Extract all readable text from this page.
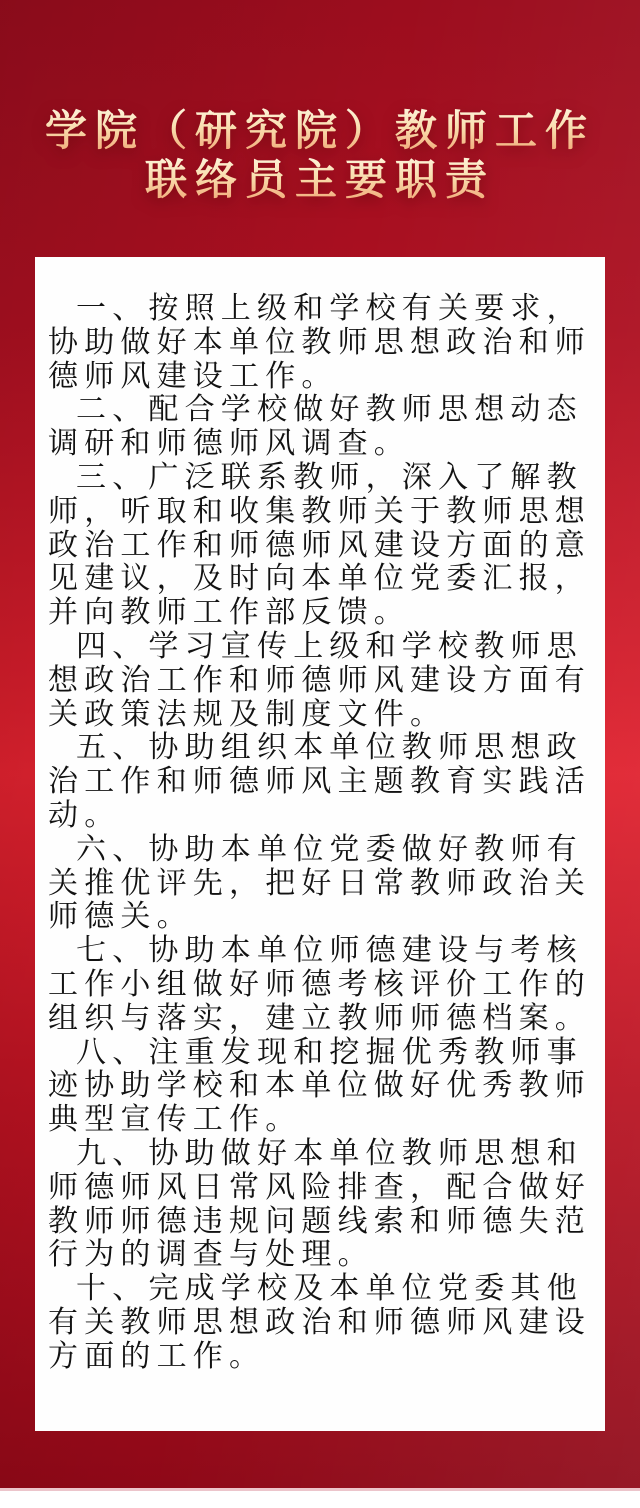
学院（研究院）教师工作
联络员主要职责
一、按照上级和学校有关要求，
协助做好本单位教师思想政治和师
德师风建设工作。
二、配合学校做好教师思想动态
调研和师德师风调查。
三、广泛联系教师，深入了解教
师，听取和收集教师关于教师思想
政治工作和师德师风建设方面的意
见建议，及时向本单位党委汇报，
并向教师工作部反馈。
四、学习宣传上级和学校教师思
想政治工作和师德师风建设方面有
关政策法规及制度文件。
五、协助组织本单位教师思想政
治工作和师德师风主题教育实践活
动。
六、协助本单位党委做好教师有
关推优评先，把好日常教师政治关
师德关。
七、协助本单位师德建设与考核
工作小组做好师德考核评价工作的
组织与落实，建立教师师德档案。
八、注重发现和挖掘优秀教师事
迹协助学校和本单位做好优秀教师
典型宣传工作。
九、协助做好本单位教师思想和
师德师风日常风险排查，配合做好
教师师德违规问题线索和师德失范
行为的调查与处理。
十、完成学校及本单位党委其他
有关教师思想政治和师德师风建设
方面的工作。
